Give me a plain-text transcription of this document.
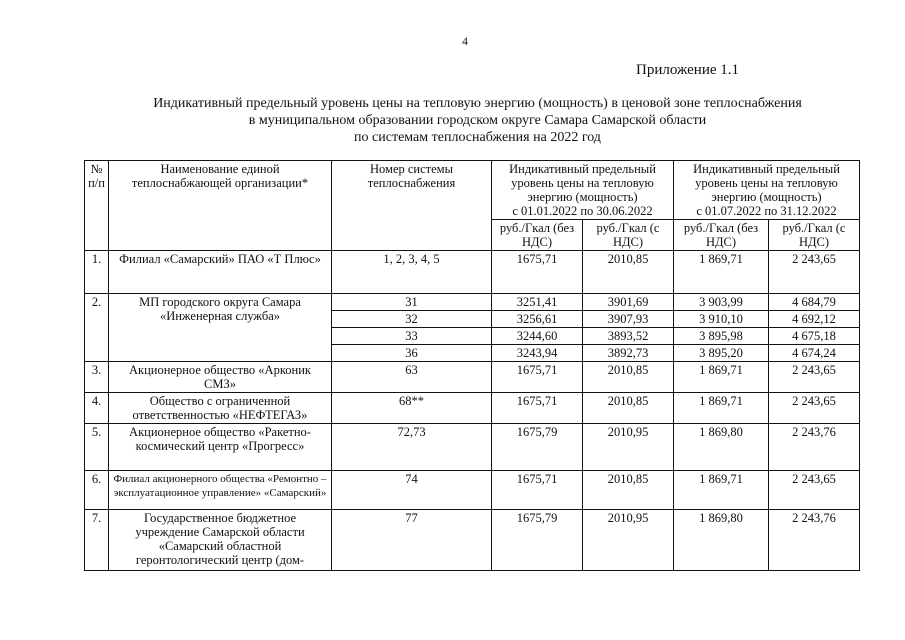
4
Приложение 1.1
Индикативный предельный уровень цены на тепловую энергию (мощность) в ценовой зоне теплоснабжения
в муниципальном образовании городском округе Самара Самарской области
по системам теплоснабжения на 2022 год
№ п/п	Наименование единой теплоснабжающей организации*	Номер системы теплоснабжения	Индикативный предельный
уровень цены на тепловую
энергию (мощность)
с 01.01.2022 по 30.06.2022		Индикативный предельный
уровень цены на тепловую
энергию (мощность)
с 01.07.2022 по 31.12.2022	

			руб./Гкал (без НДС)	руб./Гкал (с НДС)	руб./Гкал (без НДС)	руб./Гкал (с НДС)
1.	Филиал «Самарский» ПАО «Т Плюс»	1, 2, 3, 4, 5	1675,71	2010,85	1 869,71	2 243,65
2.	МП городского округа Самара «Инженерная служба»	31	3251,41	3901,69	3 903,99	4 684,79
		32	3256,61	3907,93	3 910,10	4 692,12
		33	3244,60	3893,52	3 895,98	4 675,18
		36	3243,94	3892,73	3 895,20	4 674,24
3.	Акционерное общество «Арконик СМЗ»	63	1675,71	2010,85	1 869,71	2 243,65
4.	Общество с ограниченной ответственностью «НЕФТЕГАЗ»	68**	1675,71	2010,85	1 869,71	2 243,65
5.	Акционерное общество «Ракетно-космический центр «Прогресс»	72,73	1675,79	2010,95	1 869,80	2 243,76
6.	Филиал акционерного общества «Ремонтно – эксплуатационное управление» «Самарский»	74	1675,71	2010,85	1 869,71	2 243,65
7.	Государственное бюджетное учреждение Самарской области «Самарский областной геронтологический центр (дом-	77	1675,79	2010,95	1 869,80	2 243,76
